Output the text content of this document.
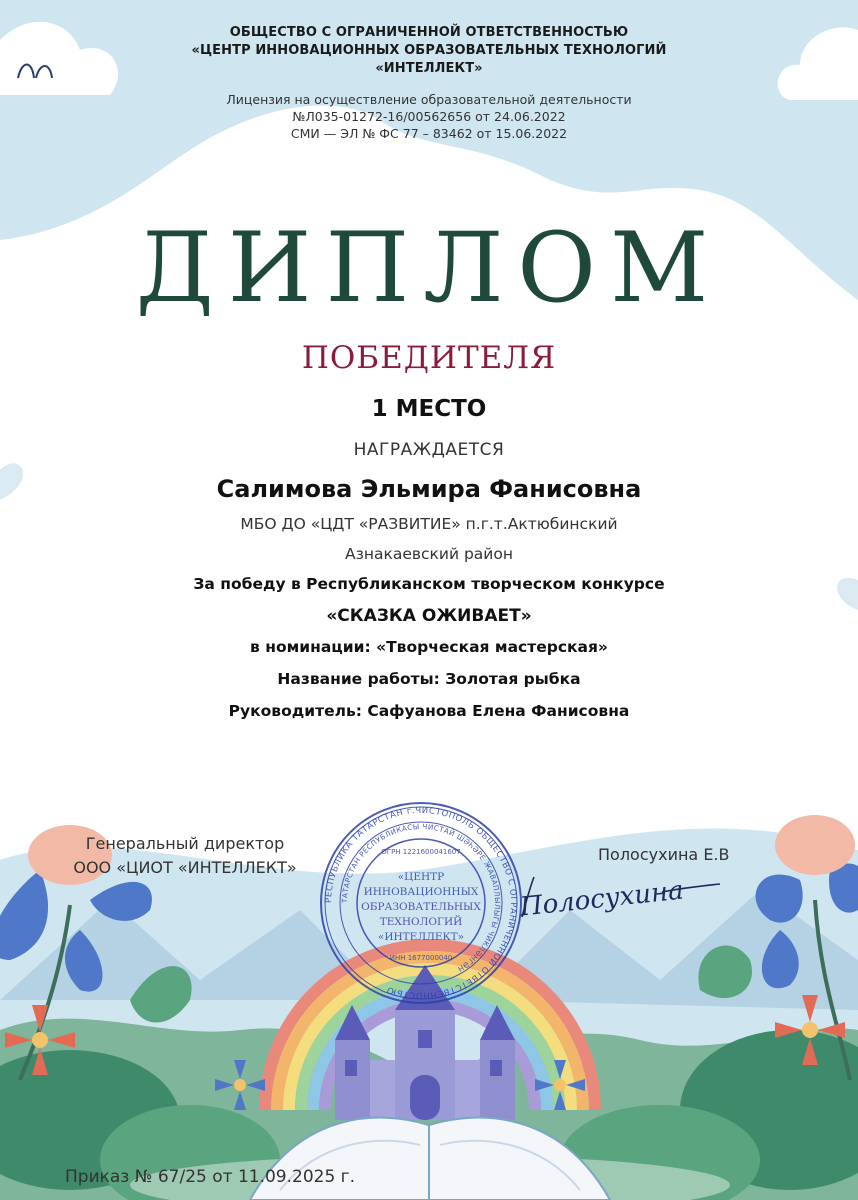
ОБЩЕСТВО С ОГРАНИЧЕННОЙ ОТВЕТСТВЕННОСТЬЮ
«ЦЕНТР ИННОВАЦИОННЫХ ОБРАЗОВАТЕЛЬНЫХ ТЕХНОЛОГИЙ
«ИНТЕЛЛЕКТ»
Лицензия на осуществление образовательной деятельности
№Л035-01272-16/00562656 от 24.06.2022
СМИ — ЭЛ № ФС 77 – 83462 от 15.06.2022
ДИПЛОМ
ПОБЕДИТЕЛЯ
1 МЕСТО
НАГРАЖДАЕТСЯ
Салимова Эльмира Фанисовна
МБО ДО «ЦДТ «РАЗВИТИЕ» п.г.т.Актюбинский
Азнакаевский район
За победу в Республиканском творческом конкурсе
«СКАЗКА ОЖИВАЕТ»
в номинации: «Творческая мастерская»
Название работы: Золотая рыбка
Руководитель: Сафуанова Елена Фанисовна
Генеральный директор
ООО «ЦИОТ «ИНТЕЛЛЕКТ»
Полосухина Е.В
РЕСПУБЛИКА ТАТАРСТАН г.ЧИСТОПОЛЬ ОБЩЕСТВО С ОГРАНИЧЕННОЙ ОТВЕТСТВЕННОСТЬЮ
ТАТАРСТАН РЕСПУБЛИКАСЫ ЧИСТАЙ ШӘҺӘРЕ ЖАВАПЛЫЛЫГЫ ЧИКЛӘНГӘН
ОГРН 1221600041607
ИНН 1677000040
«ЦЕНТР
ИННОВАЦИОННЫХ
ОБРАЗОВАТЕЛЬНЫХ
ТЕХНОЛОГИЙ
«ИНТЕЛЛЕКТ»
Полосухина
Приказ № 67/25 от 11.09.2025 г.
